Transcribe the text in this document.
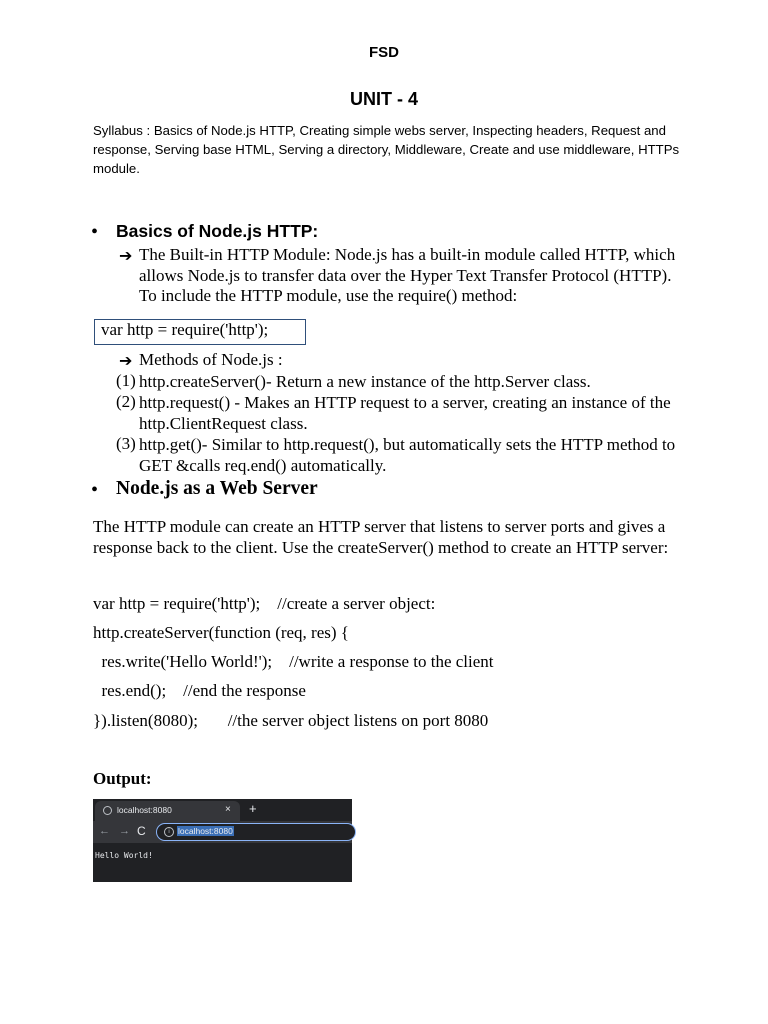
FSD
UNIT - 4
Syllabus : Basics of Node.js HTTP, Creating simple webs server, Inspecting headers, Request and response, Serving base HTML, Serving a directory, Middleware, Create and use middleware, HTTPs module.
• Basics of Node.js HTTP:
➔ The Built-in HTTP Module: Node.js has a built-in module called HTTP, which allows Node.js to transfer data over the Hyper Text Transfer Protocol (HTTP). To include the HTTP module, use the require() method:
var http = require('http');
➔ Methods of Node.js :
(1) http.createServer()- Return a new instance of the http.Server class.
(2) http.request() - Makes an HTTP request to a server, creating an instance of the http.ClientRequest class.
(3) http.get()- Similar to http.request(), but automatically sets the HTTP method to GET &calls req.end() automatically.
• Node.js as a Web Server
The HTTP module can create an HTTP server that listens to server ports and gives a response back to the client. Use the createServer() method to create an HTTP server:
var http = require('http');    //create a server object:
http.createServer(function (req, res) {
res.write('Hello World!');    //write a response to the client
res.end();    //end the response
}).listen(8080);       //the server object listens on port 8080
Output:
localhost:8080	× +
← → C	i localhost:8080
Hello World!
